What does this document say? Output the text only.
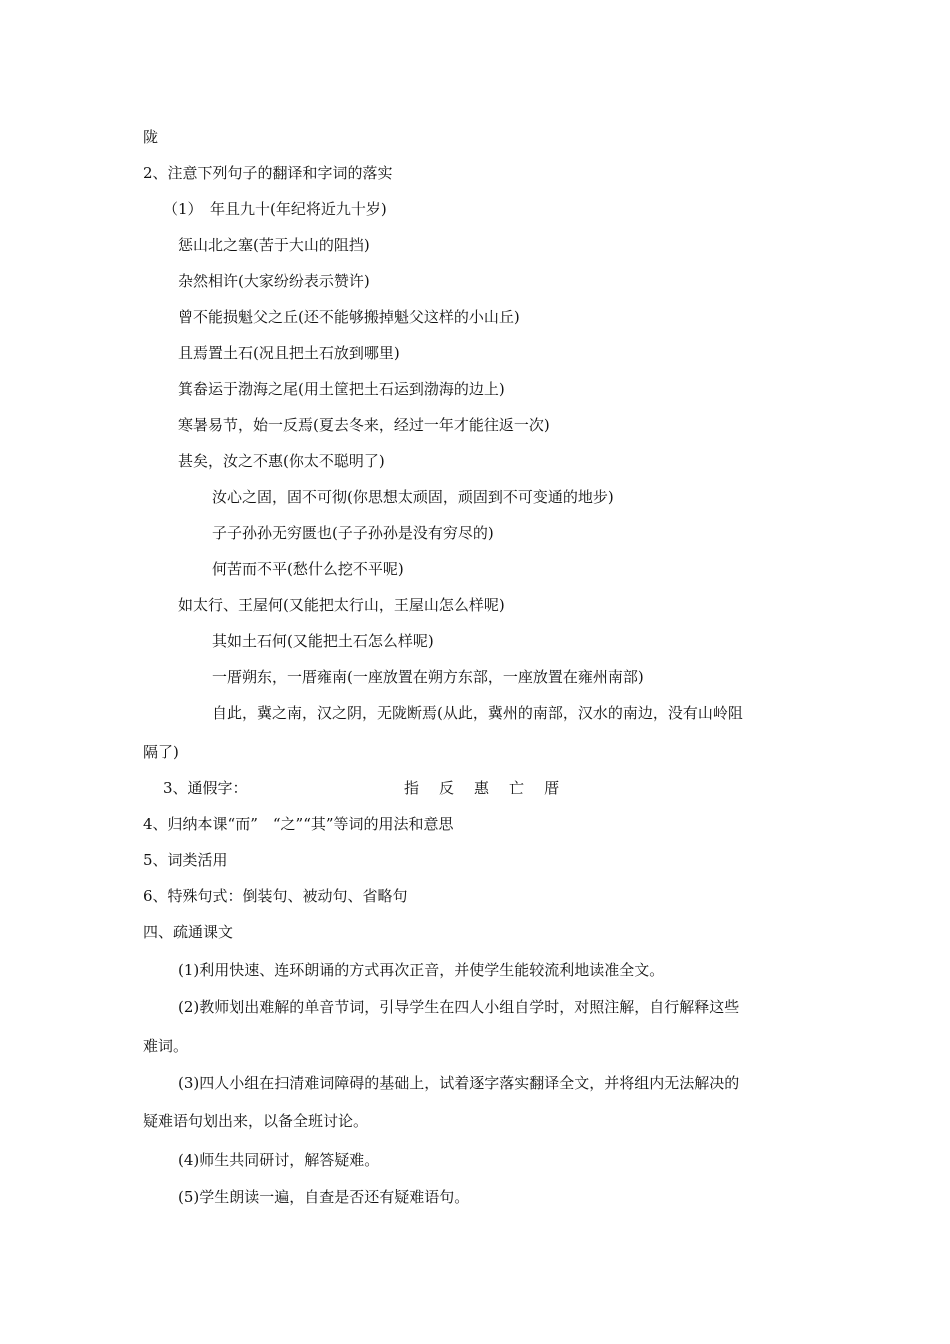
陇
2、注意下列句子的翻译和字词的落实
（1）　年且九十(年纪将近九十岁)
惩山北之塞(苦于大山的阻挡)
杂然相许(大家纷纷表示赞许)
曾不能损魁父之丘(还不能够搬掉魁父这样的小山丘)
且焉置土石(况且把土石放到哪里)
箕畚运于渤海之尾(用土筐把土石运到渤海的边上)
寒暑易节，始一反焉(夏去冬来，经过一年才能往返一次)
甚矣，汝之不惠(你太不聪明了)
汝心之固，固不可彻(你思想太顽固，顽固到不可变通的地步)
子子孙孙无穷匮也(子子孙孙是没有穷尽的)
何苦而不平(愁什么挖不平呢)
如太行、王屋何(又能把太行山，王屋山怎么样呢)
其如土石何(又能把土石怎么样呢)
一厝朔东，一厝雍南(一座放置在朔方东部，一座放置在雍州南部)
自此，冀之南，汉之阴，无陇断焉(从此，冀州的南部，汉水的南边，没有山岭阻
隔了)
3、通假字：	指 反 惠 亡 厝
4、归纳本课“而”　“之”“其”等词的用法和意思
5、词类活用
6、特殊句式：倒装句、被动句、省略句
四、疏通课文
(1)利用快速、连环朗诵的方式再次正音，并使学生能较流利地读准全文。
(2)教师划出难解的单音节词，引导学生在四人小组自学时，对照注解，自行解释这些
难词。
(3)四人小组在扫清难词障碍的基础上，试着逐字落实翻译全文，并将组内无法解决的
疑难语句划出来，以备全班讨论。
(4)师生共同研讨，解答疑难。
(5)学生朗读一遍，自查是否还有疑难语句。
